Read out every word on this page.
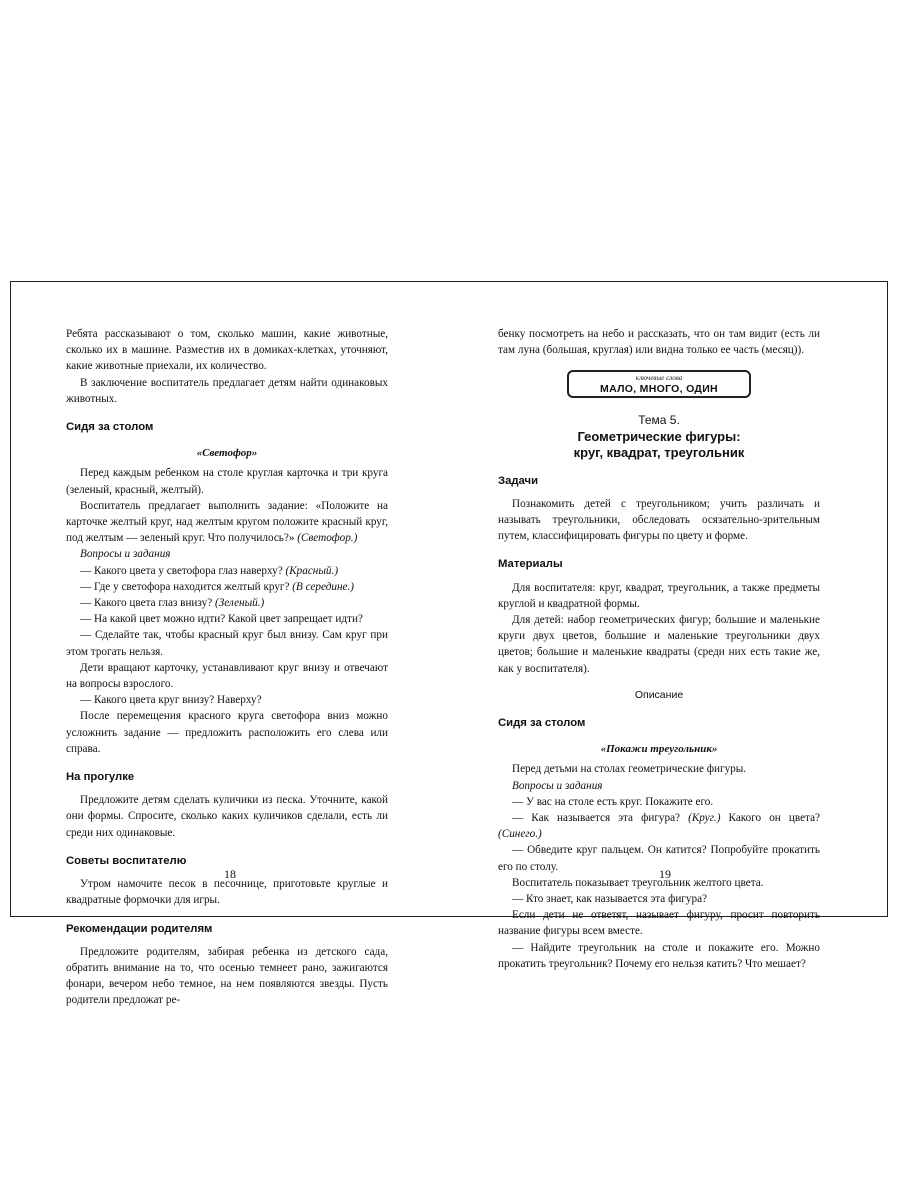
Ребята рассказывают о том, сколько машин, какие животные, сколько их в машине. Разместив их в домиках-клетках, уточняют, какие животные приехали, их количество.

В заключение воспитатель предлагает детям найти одинаковых животных.

Сидя за столом
«Светофор»

Перед каждым ребенком на столе круглая карточка и три круга (зеленый, красный, желтый).

Воспитатель предлагает выполнить задание: «Положите на карточке желтый круг, над желтым кругом положите красный круг, под желтым — зеленый круг. Что получилось?» (Светофор.)

Вопросы и задания

— Какого цвета у светофора глаз наверху? (Красный.)

— Где у светофора находится желтый круг? (В середине.)

— Какого цвета глаз внизу? (Зеленый.)

— На какой цвет можно идти? Какой цвет запрещает идти?

— Сделайте так, чтобы красный круг был внизу. Сам круг при этом трогать нельзя.

Дети вращают карточку, устанавливают круг внизу и отвечают на вопросы взрослого.

— Какого цвета круг внизу? Наверху?

После перемещения красного круга светофора вниз можно усложнить задание — предложить расположить его слева или справа.

На прогулке

Предложите детям сделать куличики из песка. Уточните, какой они формы. Спросите, сколько каких куличиков сделали, есть ли среди них одинаковые.

Советы воспитателю

Утром намочите песок в песочнице, приготовьте круглые и квадратные формочки для игры.

Рекомендации родителям

Предложите родителям, забирая ребенка из детского сада, обратить внимание на то, что осенью темнеет рано, зажигаются фонари, вечером небо темное, на нем появляются звезды. Пусть родители предложат ре-

18

бенку посмотреть на небо и рассказать, что он там видит (есть ли там луна (большая, круглая) или видна только ее часть (месяц)).

ключевые слова
МАЛО, МНОГО, ОДИН
Тема 5.
Геометрические фигуры:
круг, квадрат, треугольник
Задачи

Познакомить детей с треугольником; учить различать и называть треугольники, обследовать осязательно-зрительным путем, классифицировать фигуры по цвету и форме.

Материалы

Для воспитателя: круг, квадрат, треугольник, а также предметы круглой и квадратной формы.

Для детей: набор геометрических фигур; большие и маленькие круги двух цветов, большие и маленькие треугольники двух цветов; большие и маленькие квадраты (среди них есть такие же, как у воспитателя).

Описание
Сидя за столом
«Покажи треугольник»

Перед детьми на столах геометрические фигуры.

Вопросы и задания

— У вас на столе есть круг. Покажите его.

— Как называется эта фигура? (Круг.) Какого он цвета? (Синего.)

— Обведите круг пальцем. Он катится? Попробуйте прокатить его по столу.

Воспитатель показывает треугольник желтого цвета.

— Кто знает, как называется эта фигура?

Если дети не ответят, называет фигуру, просит повторить название фигуры всем вместе.

— Найдите треугольник на столе и покажите его. Можно прокатить треугольник? Почему его нельзя катить? Что мешает?

19
